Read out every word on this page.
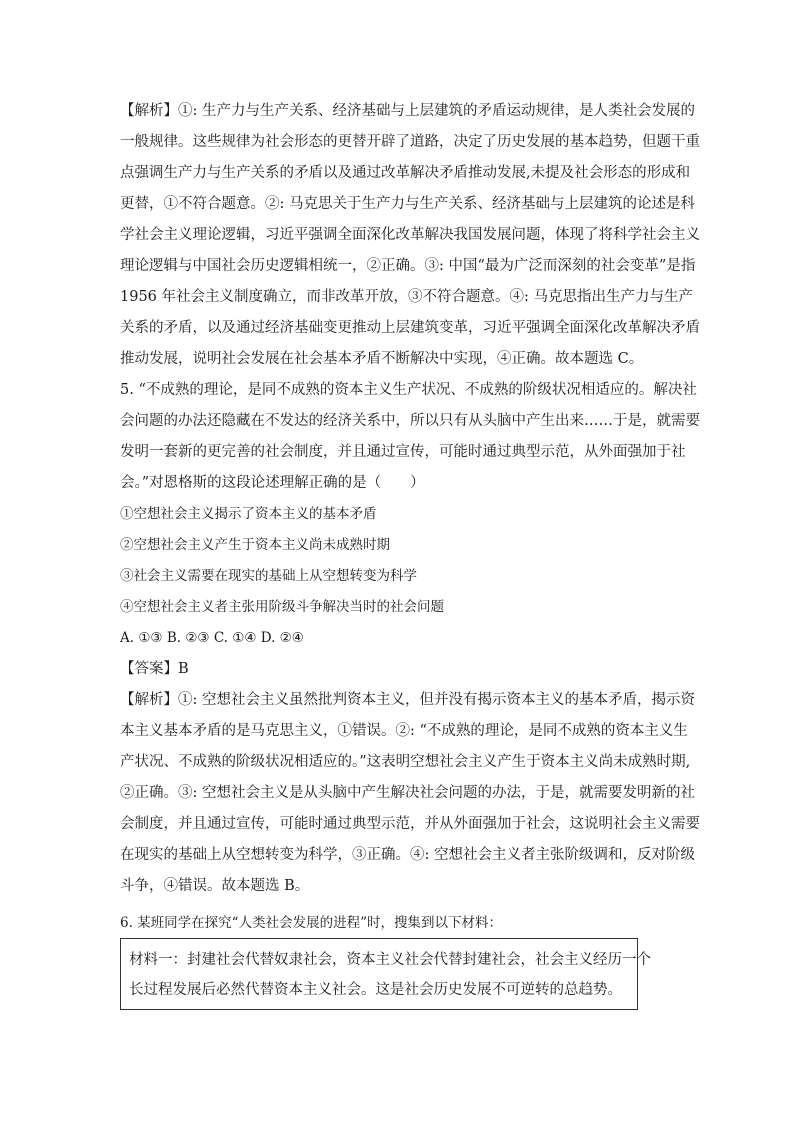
【解析】①: 生产力与生产关系、经济基础与上层建筑的矛盾运动规律，是人类社会发展的
一般规律。这些规律为社会形态的更替开辟了道路，决定了历史发展的基本趋势，但题干重
点强调生产力与生产关系的矛盾以及通过改革解决矛盾推动发展,未提及社会形态的形成和
更替，①不符合题意。②: 马克思关于生产力与生产关系、经济基础与上层建筑的论述是科
学社会主义理论逻辑，习近平强调全面深化改革解决我国发展问题，体现了将科学社会主义
理论逻辑与中国社会历史逻辑相统一，②正确。③: 中国“最为广泛而深刻的社会变革”是指
1956 年社会主义制度确立，而非改革开放，③不符合题意。④: 马克思指出生产力与生产
关系的矛盾，以及通过经济基础变更推动上层建筑变革，习近平强调全面深化改革解决矛盾
推动发展，说明社会发展在社会基本矛盾不断解决中实现，④正确。故本题选 C。
5. “不成熟的理论，是同不成熟的资本主义生产状况、不成熟的阶级状况相适应的。解决社
会问题的办法还隐藏在不发达的经济关系中，所以只有从头脑中产生出来……于是，就需要
发明一套新的更完善的社会制度，并且通过宣传，可能时通过典型示范，从外面强加于社
会。”对恩格斯的这段论述理解正确的是（　　）
①空想社会主义揭示了资本主义的基本矛盾
②空想社会主义产生于资本主义尚未成熟时期
③社会主义需要在现实的基础上从空想转变为科学
④空想社会主义者主张用阶级斗争解决当时的社会问题
A. ①③ B. ②③ C. ①④ D. ②④
【答案】B
【解析】①: 空想社会主义虽然批判资本主义，但并没有揭示资本主义的基本矛盾，揭示资
本主义基本矛盾的是马克思主义，①错误。②: “不成熟的理论，是同不成熟的资本主义生
产状况、不成熟的阶级状况相适应的。”这表明空想社会主义产生于资本主义尚未成熟时期,
②正确。③: 空想社会主义是从头脑中产生解决社会问题的办法，于是，就需要发明新的社
会制度，并且通过宣传，可能时通过典型示范，并从外面强加于社会，这说明社会主义需要
在现实的基础上从空想转变为科学，③正确。④: 空想社会主义者主张阶级调和，反对阶级
斗争，④错误。故本题选 B。
6. 某班同学在探究“人类社会发展的进程”时，搜集到以下材料：
材料一：封建社会代替奴隶社会，资本主义社会代替封建社会，社会主义经历一个
长过程发展后必然代替资本主义社会。这是社会历史发展不可逆转的总趋势。
